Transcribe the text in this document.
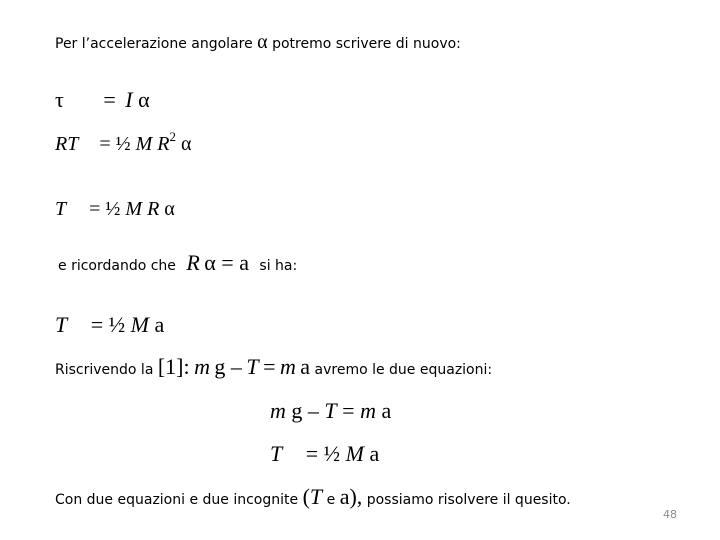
Per l’accelerazione angolare α potremo scrivere di nuovo:
τ = I α
RT = ½ M $R^2$ α
T = ½ M R α
e ricordando che R α = a si ha:
T = ½ M a
Riscrivendo la [1]: m g – T = m a avremo le due equazioni:
m g – T = m a
T = ½ M a
Con due equazioni e due incognite (T e a), possiamo risolvere il quesito.
48
